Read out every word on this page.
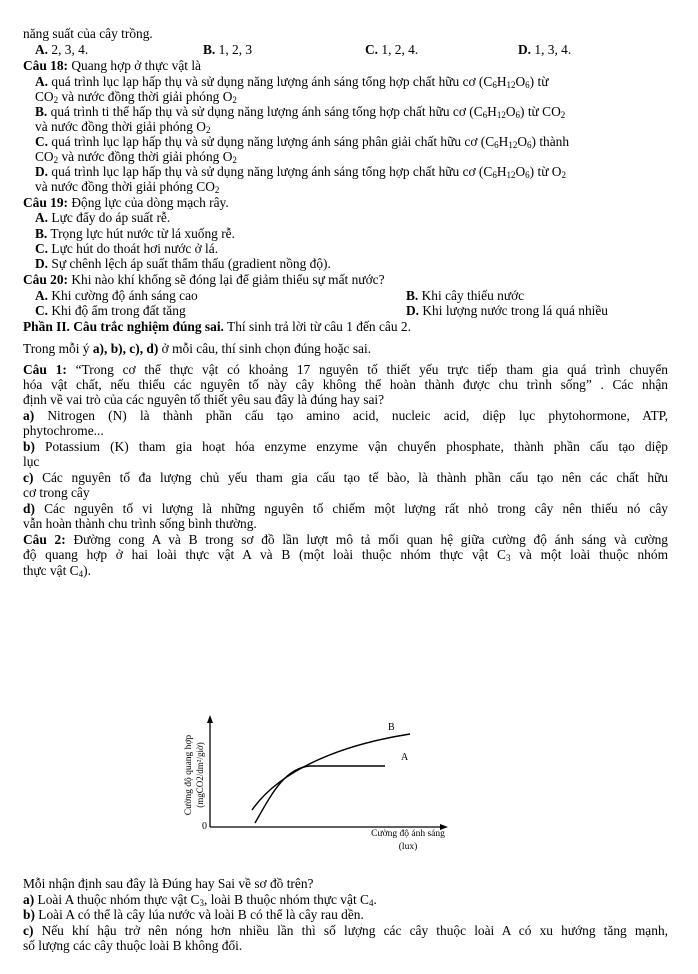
năng suất của cây trồng.
A. 2, 3, 4.	B. 1, 2, 3	C. 1, 2, 4.	D. 1, 3, 4.
Câu 18: Quang hợp ở thực vật là
A. quá trình lục lạp hấp thụ và sử dụng năng lượng ánh sáng tổng hợp chất hữu cơ $(C_6H_{12}O_6)$ từ
$CO_2$ và nước đồng thời giải phóng $O_2$
B. quá trình ti thể hấp thụ và sử dụng năng lượng ánh sáng tổng hợp chất hữu cơ $(C_6H_{12}O_6)$ từ $CO_2$
và nước đồng thời giải phóng $O_2$
C. quá trình lục lạp hấp thụ và sử dụng năng lượng ánh sáng phân giải chất hữu cơ $(C_6H_{12}O_6)$ thành
$CO_2$ và nước đồng thời giải phóng $O_2$
D. quá trình lục lạp hấp thụ và sử dụng năng lượng ánh sáng tổng hợp chất hữu cơ $(C_6H_{12}O_6)$ từ $O_2$
và nước đồng thời giải phóng $CO_2$
Câu 19: Động lực của dòng mạch rây.
A. Lực đẩy do áp suất rễ.
B. Trọng lực hút nước từ lá xuống rễ.
C. Lực hút do thoát hơi nước ở lá.
D. Sự chênh lệch áp suất thẩm thấu (gradient nồng độ).
Câu 20: Khi nào khí khổng sẽ đóng lại để giảm thiểu sự mất nước?
A. Khi cường độ ánh sáng cao	B. Khi cây thiếu nước
C. Khi độ ẩm trong đất tăng	D. Khi lượng nước trong lá quá nhiều
Phần II. Câu trắc nghiệm đúng sai. Thí sinh trả lời từ câu 1 đến câu 2.
Trong mỗi ý a), b), c), d) ở mỗi câu, thí sinh chọn đúng hoặc sai.
Câu 1: “Trong cơ thể thực vật có khoảng 17 nguyên tố thiết yếu trực tiếp tham gia quá trình chuyển
hóa vật chất, nếu thiếu các nguyên tố này cây không thể hoàn thành được chu trình sống” . Các nhận
định về vai trò của các nguyên tố thiết yêu sau đây là đúng hay sai?
a) Nitrogen (N) là thành phần cấu tạo amino acid, nucleic acid, diệp lục phytohormone, ATP,
phytochrome...
b) Potassium (K) tham gia hoạt hóa enzyme enzyme vận chuyển phosphate, thành phần cấu tạo diệp
lục
c) Các nguyên tố đa lượng chủ yếu tham gia cấu tạo tế bào, là thành phần cấu tạo nên các chất hữu
cơ trong cây
d) Các nguyên tố vi lượng là những nguyên tố chiếm một lượng rất nhỏ trong cây nên thiếu nó cây
vẫn hoàn thành chu trình sống bình thường.
Câu 2: Đường cong A và B trong sơ đồ lần lượt mô tả mối quan hệ giữa cường độ ánh sáng và cường
độ quang hợp ở hai loài thực vật A và B (một loài thuộc nhóm thực vật $C_3$ và một loài thuộc nhóm
thực vật $C_4$).
B
A
0
Cường độ ánh sáng
(lux)
Cường độ quang hợp (mgCO2/dm²/giờ)
Mỗi nhận định sau đây là Đúng hay Sai về sơ đồ trên?
a) Loài A thuộc nhóm thực vật $C_3$, loài B thuộc nhóm thực vật $C_4$.
b) Loài A có thể là cây lúa nước và loài B có thể là cây rau dền.
c) Nếu khí hậu trở nên nóng hơn nhiều lần thì số lượng các cây thuộc loài A có xu hướng tăng mạnh,
số lượng các cây thuộc loài B không đổi.
